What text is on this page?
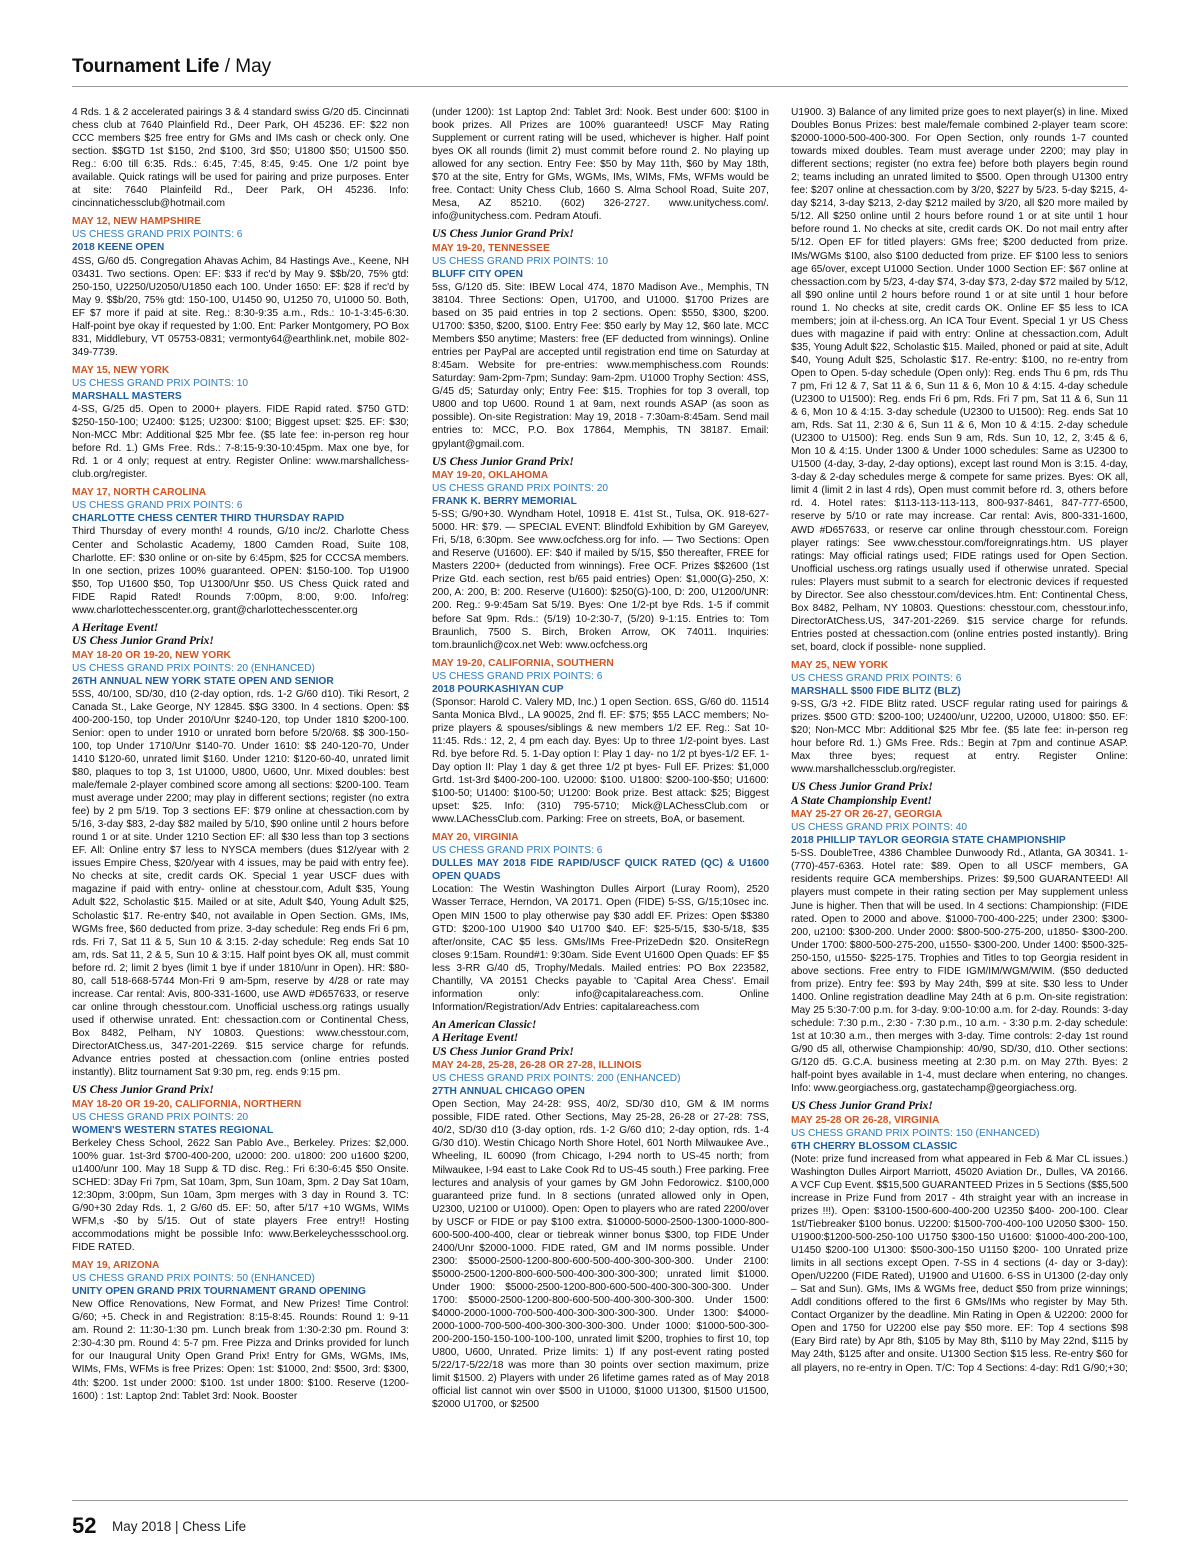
Tournament Life / May

4 Rds. 1 & 2 accelerated pairings 3 & 4 standard swiss G/20 d5. Cincinnati chess club at 7640 Plainfield Rd., Deer Park, OH 45236. EF: $22 non CCC members $25 free entry for GMs and IMs cash or check only. One section. $$GTD 1st $150, 2nd $100, 3rd $50; U1800 $50; U1500 $50. Reg.: 6:00 till 6:35. Rds.: 6:45, 7:45, 8:45, 9:45. One 1/2 point bye available. Quick ratings will be used for pairing and prize purposes. Enter at site: 7640 Plainfeild Rd., Deer Park, OH 45236. Info: cincinnatichessclub@hotmail.com

MAY 12, NEW HAMPSHIRE

US CHESS GRAND PRIX POINTS: 6

2018 KEENE OPEN

4SS, G/60 d5. Congregation Ahavas Achim, 84 Hastings Ave., Keene, NH 03431. Two sections. Open: EF: $33 if rec'd by May 9. $$b/20, 75% gtd: 250-150, U2250/U2050/U1850 each 100. Under 1650: EF: $28 if rec'd by May 9. $$b/20, 75% gtd: 150-100, U1450 90, U1250 70, U1000 50. Both, EF $7 more if paid at site. Reg.: 8:30-9:35 a.m., Rds.: 10-1-3:45-6:30. Half-point bye okay if requested by 1:00. Ent: Parker Montgomery, PO Box 831, Middlebury, VT 05753-0831; vermonty64@earthlink.net, mobile 802-349-7739.

MAY 15, NEW YORK

US CHESS GRAND PRIX POINTS: 10

MARSHALL MASTERS

4-SS, G/25 d5. Open to 2000+ players. FIDE Rapid rated. $750 GTD: $250-150-100; U2400: $125; U2300: $100; Biggest upset: $25. EF: $30; Non-MCC Mbr: Additional $25 Mbr fee. ($5 late fee: in-person reg hour before Rd. 1.) GMs Free. Rds.: 7-8:15-9:30-10:45pm. Max one bye, for Rd. 1 or 4 only; request at entry. Register Online: www.marshallchess-club.org/register.

MAY 17, NORTH CAROLINA

US CHESS GRAND PRIX POINTS: 6

CHARLOTTE CHESS CENTER THIRD THURSDAY RAPID

Third Thursday of every month! 4 rounds, G/10 inc/2. Charlotte Chess Center and Scholastic Academy, 1800 Camden Road, Suite 108, Charlotte. EF: $30 online or on-site by 6:45pm, $25 for CCCSA members. In one section, prizes 100% guaranteed. OPEN: $150-100. Top U1900 $50, Top U1600 $50, Top U1300/Unr $50. US Chess Quick rated and FIDE Rapid Rated! Rounds 7:00pm, 8:00, 9:00. Info/reg: www.charlottechesscenter.org, grant@charlottechesscenter.org

A Heritage Event!

US Chess Junior Grand Prix!

MAY 18-20 OR 19-20, NEW YORK

US CHESS GRAND PRIX POINTS: 20 (ENHANCED)

26TH ANNUAL NEW YORK STATE OPEN AND SENIOR

5SS, 40/100, SD/30, d10 (2-day option, rds. 1-2 G/60 d10). Tiki Resort, 2 Canada St., Lake George, NY 12845. $$G 3300. In 4 sections. Open: $$ 400-200-150, top Under 2010/Unr $240-120, top Under 1810 $200-100. Senior: open to under 1910 or unrated born before 5/20/68. $$ 300-150-100, top Under 1710/Unr $140-70. Under 1610: $$ 240-120-70, Under 1410 $120-60, unrated limit $160. Under 1210: $120-60-40, unrated limit $80, plaques to top 3, 1st U1000, U800, U600, Unr. Mixed doubles: best male/female 2-player combined score among all sections: $200-100. Team must average under 2200; may play in different sections; register (no extra fee) by 2 pm 5/19. Top 3 sections EF: $79 online at chessaction.com by 5/16, 3-day $83, 2-day $82 mailed by 5/10, $90 online until 2 hours before round 1 or at site. Under 1210 Section EF: all $30 less than top 3 sections EF. All: Online entry $7 less to NYSCA members (dues $12/year with 2 issues Empire Chess, $20/year with 4 issues, may be paid with entry fee). No checks at site, credit cards OK. Special 1 year USCF dues with magazine if paid with entry- online at chesstour.com, Adult $35, Young Adult $22, Scholastic $15. Mailed or at site, Adult $40, Young Adult $25, Scholastic $17. Re-entry $40, not available in Open Section. GMs, IMs, WGMs free, $60 deducted from prize. 3-day schedule: Reg ends Fri 6 pm, rds. Fri 7, Sat 11 & 5, Sun 10 & 3:15. 2-day schedule: Reg ends Sat 10 am, rds. Sat 11, 2 & 5, Sun 10 & 3:15. Half point byes OK all, must commit before rd. 2; limit 2 byes (limit 1 bye if under 1810/unr in Open). HR: $80-80, call 518-668-5744 Mon-Fri 9 am-5pm, reserve by 4/28 or rate may increase. Car rental: Avis, 800-331-1600, use AWD #D657633, or reserve car online through chesstour.com. Unofficial uschess.org ratings usually used if otherwise unrated. Ent: chessaction.com or Continental Chess, Box 8482, Pelham, NY 10803. Questions: www.chesstour.com, DirectorAtChess.us, 347-201-2269. $15 service charge for refunds. Advance entries posted at chessaction.com (online entries posted instantly). Blitz tournament Sat 9:30 pm, reg. ends 9:15 pm.

US Chess Junior Grand Prix!

MAY 18-20 OR 19-20, CALIFORNIA, NORTHERN

US CHESS GRAND PRIX POINTS: 20

WOMEN'S WESTERN STATES REGIONAL

Berkeley Chess School, 2622 San Pablo Ave., Berkeley. Prizes: $2,000. 100% guar. 1st-3rd $700-400-200, u2000: 200. u1800: 200 u1600 $200, u1400/unr 100. May 18 Supp & TD disc. Reg.: Fri 6:30-6:45 $50 Onsite. SCHED: 3Day Fri 7pm, Sat 10am, 3pm, Sun 10am, 3pm. 2 Day Sat 10am, 12:30pm, 3:00pm, Sun 10am, 3pm merges with 3 day in Round 3. TC: G/90+30 2day Rds. 1, 2 G/60 d5. EF: 50, after 5/17 +10 WGMs, WIMs WFM,s -$0 by 5/15. Out of state players Free entry!! Hosting accommodations might be possible Info: www.Berkeleychessschool.org. FIDE RATED.

MAY 19, ARIZONA

US CHESS GRAND PRIX POINTS: 50 (ENHANCED)

UNITY OPEN GRAND PRIX TOURNAMENT GRAND OPENING

New Office Renovations, New Format, and New Prizes! Time Control: G/60; +5. Check in and Registration: 8:15-8:45. Rounds: Round 1: 9-11 am. Round 2: 11:30-1:30 pm. Lunch break from 1:30-2:30 pm. Round 3: 2:30-4:30 pm. Round 4: 5-7 pm. Free Pizza and Drinks provided for lunch for our Inaugural Unity Open Grand Prix! Entry for GMs, WGMs, IMs, WIMs, FMs, WFMs is free Prizes: Open: 1st: $1000, 2nd: $500, 3rd: $300, 4th: $200. 1st under 2000: $100. 1st under 1800: $100. Reserve (1200-1600) : 1st: Laptop 2nd: Tablet 3rd: Nook. Booster

(under 1200): 1st Laptop 2nd: Tablet 3rd: Nook. Best under 600: $100 in book prizes. All Prizes are 100% guaranteed! USCF May Rating Supplement or current rating will be used, whichever is higher. Half point byes OK all rounds (limit 2) must commit before round 2. No playing up allowed for any section. Entry Fee: $50 by May 11th, $60 by May 18th, $70 at the site, Entry for GMs, WGMs, IMs, WIMs, FMs, WFMs would be free. Contact: Unity Chess Club, 1660 S. Alma School Road, Suite 207, Mesa, AZ 85210. (602) 326-2727. www.unitychess.com/. info@unitychess.com. Pedram Atoufi.

US Chess Junior Grand Prix!

MAY 19-20, TENNESSEE

US CHESS GRAND PRIX POINTS: 10

BLUFF CITY OPEN

5ss, G/120 d5. Site: IBEW Local 474, 1870 Madison Ave., Memphis, TN 38104. Three Sections: Open, U1700, and U1000. $1700 Prizes are based on 35 paid entries in top 2 sections. Open: $550, $300, $200. U1700: $350, $200, $100. Entry Fee: $50 early by May 12, $60 late. MCC Members $50 anytime; Masters: free (EF deducted from winnings). Online entries per PayPal are accepted until registration end time on Saturday at 8:45am. Website for pre-entries: www.memphischess.com Rounds: Saturday: 9am-2pm-7pm; Sunday: 9am-2pm. U1000 Trophy Section: 4SS, G/45 d5; Saturday only; Entry Fee: $15. Trophies for top 3 overall, top U800 and top U600. Round 1 at 9am, next rounds ASAP (as soon as possible). On-site Registration: May 19, 2018 - 7:30am-8:45am. Send mail entries to: MCC, P.O. Box 17864, Memphis, TN 38187. Email: gpylant@gmail.com.

US Chess Junior Grand Prix!

MAY 19-20, OKLAHOMA

US CHESS GRAND PRIX POINTS: 20

FRANK K. BERRY MEMORIAL

5-SS; G/90+30. Wyndham Hotel, 10918 E. 41st St., Tulsa, OK. 918-627-5000. HR: $79. — SPECIAL EVENT: Blindfold Exhibition by GM Gareyev, Fri, 5/18, 6:30pm. See www.ocfchess.org for info. — Two Sections: Open and Reserve (U1600). EF: $40 if mailed by 5/15, $50 thereafter, FREE for Masters 2200+ (deducted from winnings). Free OCF. Prizes $$2600 (1st Prize Gtd. each section, rest b/65 paid entries) Open: $1,000(G)-250, X: 200, A: 200, B: 200. Reserve (U1600): $250(G)-100, D: 200, U1200/UNR: 200. Reg.: 9-9:45am Sat 5/19. Byes: One 1/2-pt bye Rds. 1-5 if commit before Sat 9pm. Rds.: (5/19) 10-2:30-7, (5/20) 9-1:15. Entries to: Tom Braunlich, 7500 S. Birch, Broken Arrow, OK 74011. Inquiries: tom.braunlich@cox.net Web: www.ocfchess.org

MAY 19-20, CALIFORNIA, SOUTHERN

US CHESS GRAND PRIX POINTS: 6

2018 POURKASHIYAN CUP

(Sponsor: Harold C. Valery MD, Inc.) 1 open Section. 6SS, G/60 d0. 11514 Santa Monica Blvd., LA 90025, 2nd fl. EF: $75; $55 LACC members; No-prize players & spouses/siblings & new members 1/2 EF. Reg.: Sat 10-11:45. Rds.: 12, 2, 4 pm each day. Byes: Up to three 1/2-point byes. Last Rd. bye before Rd. 5. 1-Day option I: Play 1 day- no 1/2 pt byes-1/2 EF. 1-Day option II: Play 1 day & get three 1/2 pt byes- Full EF. Prizes: $1,000 Grtd. 1st-3rd $400-200-100. U2000: $100. U1800: $200-100-$50; U1600: $100-50; U1400: $100-50; U1200: Book prize. Best attack: $25; Biggest upset: $25. Info: (310) 795-5710; Mick@LAChessClub.com or www.LAChessClub.com. Parking: Free on streets, BoA, or basement.

MAY 20, VIRGINIA

US CHESS GRAND PRIX POINTS: 6

DULLES MAY 2018 FIDE RAPID/USCF QUICK RATED (QC) & U1600 OPEN QUADS

Location: The Westin Washington Dulles Airport (Luray Room), 2520 Wasser Terrace, Herndon, VA 20171. Open (FIDE) 5-SS, G/15;10sec inc. Open MIN 1500 to play otherwise pay $30 addl EF. Prizes: Open $$380 GTD: $200-100 U1900 $40 U1700 $40. EF: $25-5/15, $30-5/18, $35 after/onsite, CAC $5 less. GMs/IMs Free-PrizeDedn $20. OnsiteRegn closes 9:15am. Round#1: 9:30am. Side Event U1600 Open Quads: EF $5 less 3-RR G/40 d5, Trophy/Medals. Mailed entries: PO Box 223582, Chantilly, VA 20151 Checks payable to 'Capital Area Chess'. Email information only: info@capitalareachess.com. Online Information/Registration/Adv Entries: capitalareachess.com

An American Classic!

A Heritage Event!

US Chess Junior Grand Prix!

MAY 24-28, 25-28, 26-28 OR 27-28, ILLINOIS

US CHESS GRAND PRIX POINTS: 200 (ENHANCED)

27TH ANNUAL CHICAGO OPEN

Open Section, May 24-28: 9SS, 40/2, SD/30 d10, GM & IM norms possible, FIDE rated. Other Sections, May 25-28, 26-28 or 27-28: 7SS, 40/2, SD/30 d10 (3-day option, rds. 1-2 G/60 d10; 2-day option, rds. 1-4 G/30 d10). Westin Chicago North Shore Hotel, 601 North Milwaukee Ave., Wheeling, IL 60090 (from Chicago, I-294 north to US-45 north; from Milwaukee, I-94 east to Lake Cook Rd to US-45 south.) Free parking. Free lectures and analysis of your games by GM John Fedorowicz. $100,000 guaranteed prize fund. In 8 sections (unrated allowed only in Open, U2300, U2100 or U1000). Open: Open to players who are rated 2200/over by USCF or FIDE or pay $100 extra. $10000-5000-2500-1300-1000-800-600-500-400-400, clear or tiebreak winner bonus $300, top FIDE Under 2400/Unr $2000-1000. FIDE rated, GM and IM norms possible. Under 2300: $5000-2500-1200-800-600-500-400-300-300-300. Under 2100: $5000-2500-1200-800-600-500-400-300-300-300; unrated limit $1000. Under 1900: $5000-2500-1200-800-600-500-400-300-300-300. Under 1700: $5000-2500-1200-800-600-500-400-300-300-300. Under 1500: $4000-2000-1000-700-500-400-300-300-300-300. Under 1300: $4000-2000-1000-700-500-400-300-300-300-300. Under 1000: $1000-500-300-200-200-150-150-100-100-100, unrated limit $200, trophies to first 10, top U800, U600, Unrated. Prize limits: 1) If any post-event rating posted 5/22/17-5/22/18 was more than 30 points over section maximum, prize limit $1500. 2) Players with under 26 lifetime games rated as of May 2018 official list cannot win over $500 in U1000, $1000 U1300, $1500 U1500, $2000 U1700, or $2500

U1900. 3) Balance of any limited prize goes to next player(s) in line. Mixed Doubles Bonus Prizes: best male/female combined 2-player team score: $2000-1000-500-400-300. For Open Section, only rounds 1-7 counted towards mixed doubles. Team must average under 2200; may play in different sections; register (no extra fee) before both players begin round 2; teams including an unrated limited to $500. Open through U1300 entry fee: $207 online at chessaction.com by 3/20, $227 by 5/23. 5-day $215, 4-day $214, 3-day $213, 2-day $212 mailed by 3/20, all $20 more mailed by 5/12. All $250 online until 2 hours before round 1 or at site until 1 hour before round 1. No checks at site, credit cards OK. Do not mail entry after 5/12. Open EF for titled players: GMs free; $200 deducted from prize. IMs/WGMs $100, also $100 deducted from prize. EF $100 less to seniors age 65/over, except U1000 Section. Under 1000 Section EF: $67 online at chessaction.com by 5/23, 4-day $74, 3-day $73, 2-day $72 mailed by 5/12, all $90 online until 2 hours before round 1 or at site until 1 hour before round 1. No checks at site, credit cards OK. Online EF $5 less to ICA members; join at il-chess.org. An ICA Tour Event. Special 1 yr US Chess dues with magazine if paid with entry: Online at chessaction.com, Adult $35, Young Adult $22, Scholastic $15. Mailed, phoned or paid at site, Adult $40, Young Adult $25, Scholastic $17. Re-entry: $100, no re-entry from Open to Open. 5-day schedule (Open only): Reg. ends Thu 6 pm, rds Thu 7 pm, Fri 12 & 7, Sat 11 & 6, Sun 11 & 6, Mon 10 & 4:15. 4-day schedule (U2300 to U1500): Reg. ends Fri 6 pm, Rds. Fri 7 pm, Sat 11 & 6, Sun 11 & 6, Mon 10 & 4:15. 3-day schedule (U2300 to U1500): Reg. ends Sat 10 am, Rds. Sat 11, 2:30 & 6, Sun 11 & 6, Mon 10 & 4:15. 2-day schedule (U2300 to U1500): Reg. ends Sun 9 am, Rds. Sun 10, 12, 2, 3:45 & 6, Mon 10 & 4:15. Under 1300 & Under 1000 schedules: Same as U2300 to U1500 (4-day, 3-day, 2-day options), except last round Mon is 3:15. 4-day, 3-day & 2-day schedules merge & compete for same prizes. Byes: OK all, limit 4 (limit 2 in last 4 rds), Open must commit before rd. 3, others before rd. 4. Hotel rates: $113-113-113-113, 800-937-8461, 847-777-6500, reserve by 5/10 or rate may increase. Car rental: Avis, 800-331-1600, AWD #D657633, or reserve car online through chesstour.com. Foreign player ratings: See www.chesstour.com/foreignratings.htm. US player ratings: May official ratings used; FIDE ratings used for Open Section. Unofficial uschess.org ratings usually used if otherwise unrated. Special rules: Players must submit to a search for electronic devices if requested by Director. See also chesstour.com/devices.htm. Ent: Continental Chess, Box 8482, Pelham, NY 10803. Questions: chesstour.com, chesstour.info, DirectorAtChess.US, 347-201-2269. $15 service charge for refunds. Entries posted at chessaction.com (online entries posted instantly). Bring set, board, clock if possible- none supplied.

MAY 25, NEW YORK

US CHESS GRAND PRIX POINTS: 6

MARSHALL $500 FIDE BLITZ (BLZ)

9-SS, G/3 +2. FIDE Blitz rated. USCF regular rating used for pairings & prizes. $500 GTD: $200-100; U2400/unr, U2200, U2000, U1800: $50. EF: $20; Non-MCC Mbr: Additional $25 Mbr fee. ($5 late fee: in-person reg hour before Rd. 1.) GMs Free. Rds.: Begin at 7pm and continue ASAP. Max three byes; request at entry. Register Online: www.marshallchessclub.org/register.

US Chess Junior Grand Prix!

A State Championship Event!

MAY 25-27 OR 26-27, GEORGIA

US CHESS GRAND PRIX POINTS: 40

2018 PHILLIP TAYLOR GEORGIA STATE CHAMPIONSHIP

5-SS. DoubleTree, 4386 Chamblee Dunwoody Rd., Atlanta, GA 30341. 1-(770)-457-6363. Hotel rate: $89. Open to all USCF members, GA residents require GCA memberships. Prizes: $9,500 GUARANTEED! All players must compete in their rating section per May supplement unless June is higher. Then that will be used. In 4 sections: Championship: (FIDE rated. Open to 2000 and above. $1000-700-400-225; under 2300: $300-200, u2100: $300-200. Under 2000: $800-500-275-200, u1850- $300-200. Under 1700: $800-500-275-200, u1550- $300-200. Under 1400: $500-325-250-150, u1550- $225-175. Trophies and Titles to top Georgia resident in above sections. Free entry to FIDE IGM/IM/WGM/WIM. ($50 deducted from prize). Entry fee: $93 by May 24th, $99 at site. $30 less to Under 1400. Online registration deadline May 24th at 6 p.m. On-site registration: May 25 5:30-7:00 p.m. for 3-day. 9:00-10:00 a.m. for 2-day. Rounds: 3-day schedule: 7:30 p.m., 2:30 - 7:30 p.m., 10 a.m. - 3:30 p.m. 2-day schedule: 1st at 10:30 a.m., then merges with 3-day. Time controls: 2-day 1st round G/90 d5 all, otherwise Championship: 40/90, SD/30, d10. Other sections: G/120 d5. G.C.A. business meeting at 2:30 p.m. on May 27th. Byes: 2 half-point byes available in 1-4, must declare when entering, no changes. Info: www.georgiachess.org, gastatechamp@georgiachess.org.

US Chess Junior Grand Prix!

MAY 25-28 OR 26-28, VIRGINIA

US CHESS GRAND PRIX POINTS: 150 (ENHANCED)

6TH CHERRY BLOSSOM CLASSIC

(Note: prize fund increased from what appeared in Feb & Mar CL issues.) Washington Dulles Airport Marriott, 45020 Aviation Dr., Dulles, VA 20166. A VCF Cup Event. $$15,500 GUARANTEED Prizes in 5 Sections ($$5,500 increase in Prize Fund from 2017 - 4th straight year with an increase in prizes !!!). Open: $3100-1500-600-400-200 U2350 $400- 200-100. Clear 1st/Tiebreaker $100 bonus. U2200: $1500-700-400-100 U2050 $300- 150. U1900:$1200-500-250-100 U1750 $300-150 U1600: $1000-400-200-100, U1450 $200-100 U1300: $500-300-150 U1150 $200- 100 Unrated prize limits in all sections except Open. 7-SS in 4 sections (4- day or 3-day): Open/U2200 (FIDE Rated), U1900 and U1600. 6-SS in U1300 (2-day only – Sat and Sun). GMs, IMs & WGMs free, deduct $50 from prize winnings; Addl conditions offered to the first 6 GMs/IMs who register by May 5th. Contact Organizer by the deadline. Min Rating in Open & U2200: 2000 for Open and 1750 for U2200 else pay $50 more. EF: Top 4 sections $98 (Eary Bird rate) by Apr 8th, $105 by May 8th, $110 by May 22nd, $115 by May 24th, $125 after and onsite. U1300 Section $15 less. Re-entry $60 for all players, no re-entry in Open. T/C: Top 4 Sections: 4-day: Rd1 G/90;+30;

52 May 2018 | Chess Life
